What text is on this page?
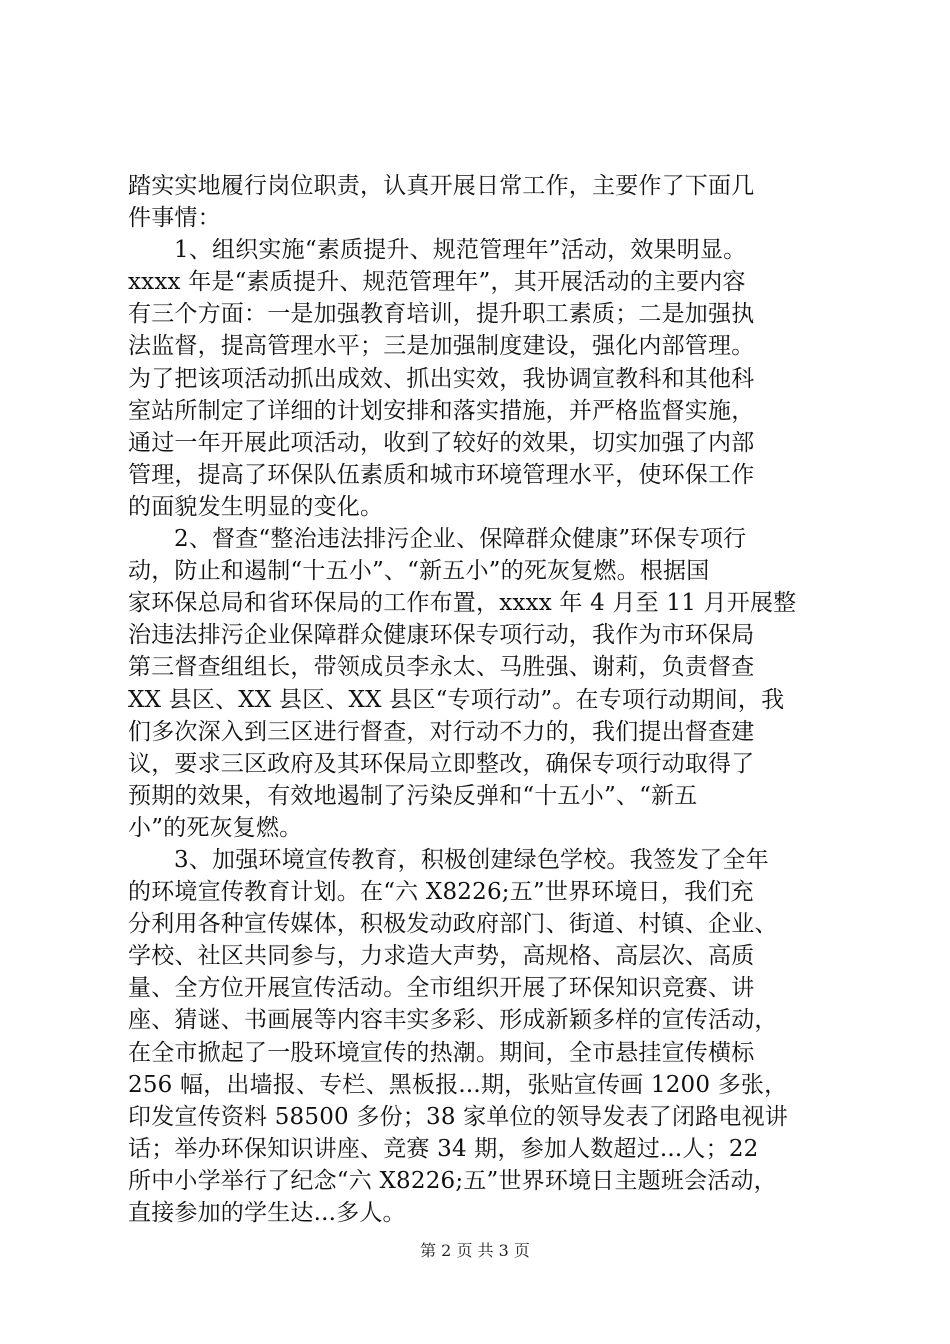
踏实实地履行岗位职责，认真开展日常工作，主要作了下面几
件事情：
1、组织实施“素质提升、规范管理年”活动，效果明显。
xxxx 年是“素质提升、规范管理年”，其开展活动的主要内容
有三个方面：一是加强教育培训，提升职工素质；二是加强执
法监督，提高管理水平；三是加强制度建设，强化内部管理。
为了把该项活动抓出成效、抓出实效，我协调宣教科和其他科
室站所制定了详细的计划安排和落实措施，并严格监督实施，
通过一年开展此项活动，收到了较好的效果，切实加强了内部
管理，提高了环保队伍素质和城市环境管理水平，使环保工作
的面貌发生明显的变化。
2、督查“整治违法排污企业、保障群众健康”环保专项行
动，防止和遏制“十五小”、“新五小”的死灰复燃。根据国
家环保总局和省环保局的工作布置，xxxx 年 4 月至 11 月开展整
治违法排污企业保障群众健康环保专项行动，我作为市环保局
第三督查组组长，带领成员李永太、马胜强、谢莉，负责督查
XX 县区、XX 县区、XX 县区“专项行动”。在专项行动期间，我
们多次深入到三区进行督查，对行动不力的，我们提出督查建
议，要求三区政府及其环保局立即整改，确保专项行动取得了
预期的效果，有效地遏制了污染反弹和“十五小”、“新五
小”的死灰复燃。
3、加强环境宣传教育，积极创建绿色学校。我签发了全年
的环境宣传教育计划。在“六 X8226;五”世界环境日，我们充
分利用各种宣传媒体，积极发动政府部门、街道、村镇、企业、
学校、社区共同参与，力求造大声势，高规格、高层次、高质
量、全方位开展宣传活动。全市组织开展了环保知识竞赛、讲
座、猜谜、书画展等内容丰实多彩、形成新颖多样的宣传活动，
在全市掀起了一股环境宣传的热潮。期间，全市悬挂宣传横标
256 幅，出墙报、专栏、黑板报...期，张贴宣传画 1200 多张，
印发宣传资料 58500 多份；38 家单位的领导发表了闭路电视讲
话；举办环保知识讲座、竞赛 34 期，参加人数超过...人；22
所中小学举行了纪念“六 X8226;五”世界环境日主题班会活动，
直接参加的学生达...多人。
第 2 页 共 3 页
